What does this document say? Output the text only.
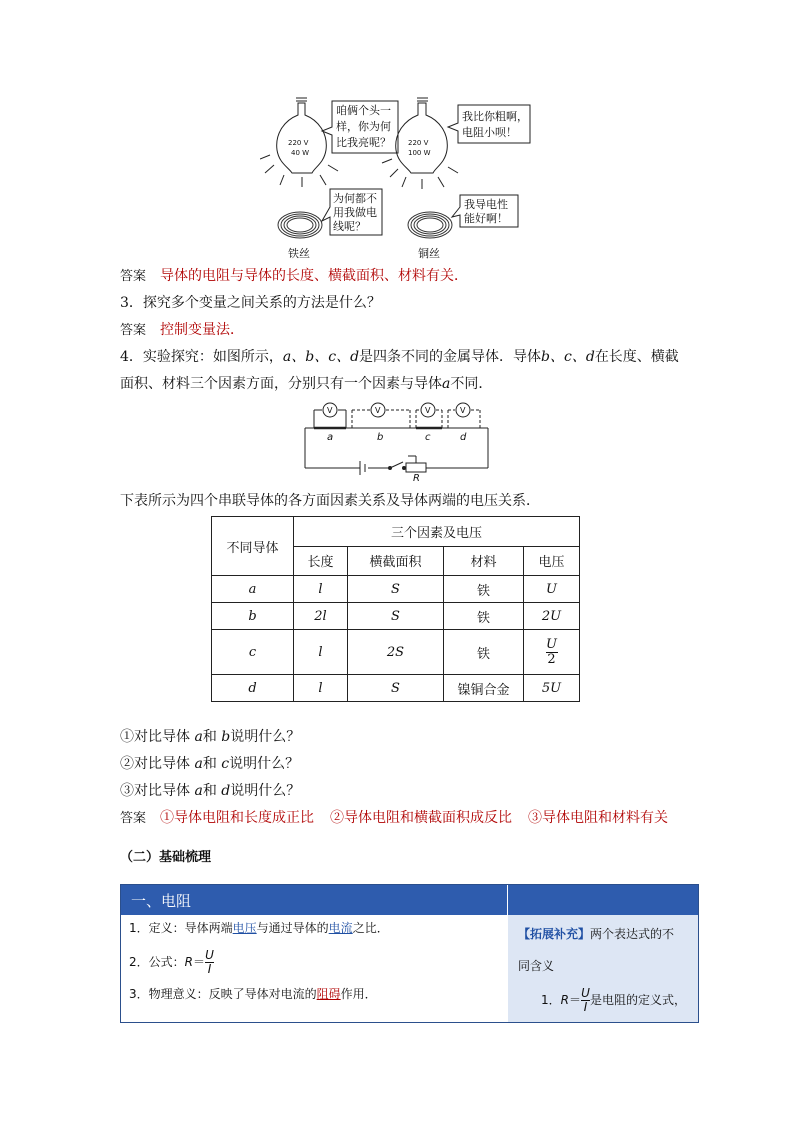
220 V
40 W
咱俩个头一
样，你为何
比我亮呢？ 220 V
100 W
我比你粗啊，
电阻小呗！
为何都不
用我做电
线呢？
铁丝
我导电性
能好啊！
铜丝
答案 导体的电阻与导体的长度、横截面积、材料有关．
3．探究多个变量之间关系的方法是什么？
答案 控制变量法．
4．实验探究：如图所示，a、b、c、d是四条不同的金属导体．导体b、c、d在长度、横截
面积、材料三个因素方面，分别只有一个因素与导体a不同．
V	V	V	V
a	b	c	d
R
下表所示为四个串联导体的各方面因素关系及导体两端的电压关系．
不同导体	三个因素及电压			
	长度	横截面积	材料	电压
a	l	S	铁	U
b	2l	S	铁	2U
c	l	2S	铁	$\frac{U}{2}$

d	l	S	镍铜合金	5U
①对比导体 a和 b说明什么？
②对比导体 a和 c说明什么？
③对比导体 a和 d说明什么？
答案 ①导体电阻和长度成正比 ②导体电阻和横截面积成反比 ③导体电阻和材料有关
（二）基础梳理
一、电阻
1．定义：导体两端电压与通过导体的电流之比．
2．公式：$R= \frac{U}{I}$
3．物理意义：反映了导体对电流的阻碍作用．
【拓展补充】两个表达式的不
同含义
1．$R= \frac{U}{I}$ 是电阻的定义式，
